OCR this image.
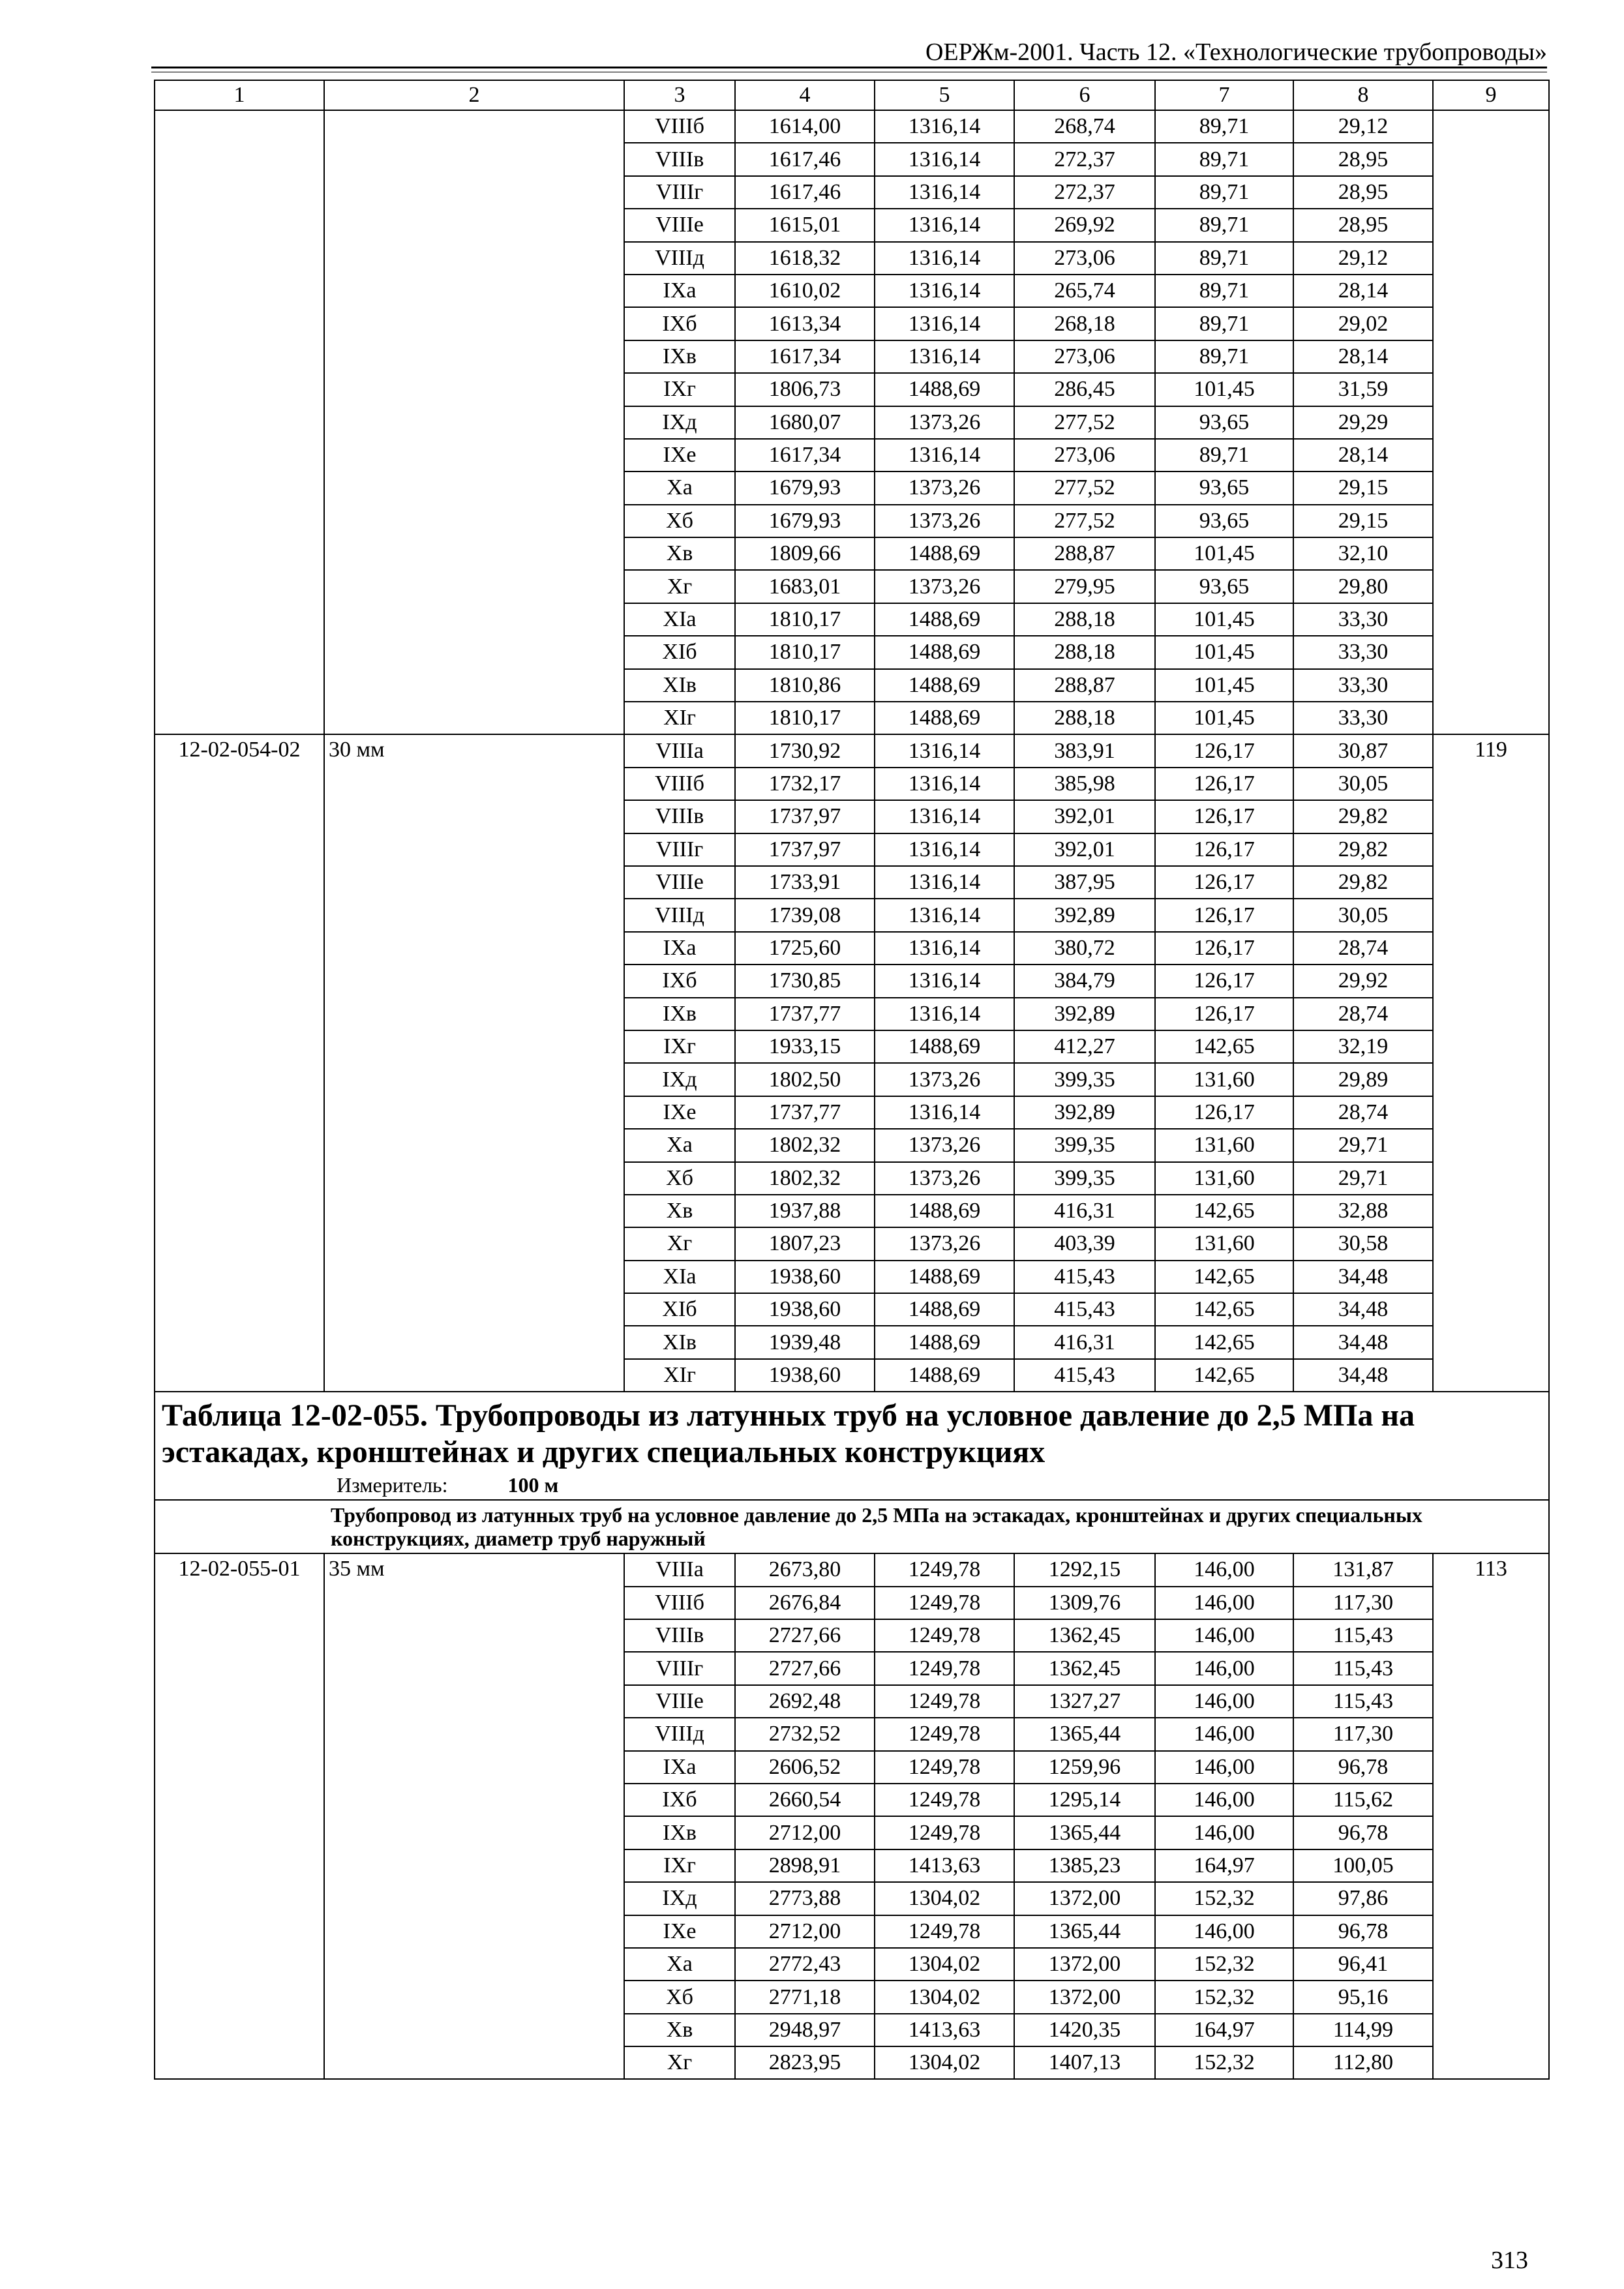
ОЕРЖм-2001. Часть 12. «Технологические трубопроводы»
1	2	3	4	5	6	7	8	9
		VIIIб	1614,00	1316,14	268,74	89,71	29,12	
		VIIIв	1617,46	1316,14	272,37	89,71	28,95	
		VIIIг	1617,46	1316,14	272,37	89,71	28,95	
		VIIIе	1615,01	1316,14	269,92	89,71	28,95	
		VIIIд	1618,32	1316,14	273,06	89,71	29,12	
		IXа	1610,02	1316,14	265,74	89,71	28,14	
		IXб	1613,34	1316,14	268,18	89,71	29,02	
		IXв	1617,34	1316,14	273,06	89,71	28,14	
		IXг	1806,73	1488,69	286,45	101,45	31,59	
		IXд	1680,07	1373,26	277,52	93,65	29,29	
		IXе	1617,34	1316,14	273,06	89,71	28,14	
		Xа	1679,93	1373,26	277,52	93,65	29,15	
		Xб	1679,93	1373,26	277,52	93,65	29,15	
		Xв	1809,66	1488,69	288,87	101,45	32,10	
		Xг	1683,01	1373,26	279,95	93,65	29,80	
		XIа	1810,17	1488,69	288,18	101,45	33,30	
		XIб	1810,17	1488,69	288,18	101,45	33,30	
		XIв	1810,86	1488,69	288,87	101,45	33,30	
		XIг	1810,17	1488,69	288,18	101,45	33,30	
12-02-054-02	30 мм	VIIIа	1730,92	1316,14	383,91	126,17	30,87	119
		VIIIб	1732,17	1316,14	385,98	126,17	30,05	
		VIIIв	1737,97	1316,14	392,01	126,17	29,82	
		VIIIг	1737,97	1316,14	392,01	126,17	29,82	
		VIIIе	1733,91	1316,14	387,95	126,17	29,82	
		VIIIд	1739,08	1316,14	392,89	126,17	30,05	
		IXа	1725,60	1316,14	380,72	126,17	28,74	
		IXб	1730,85	1316,14	384,79	126,17	29,92	
		IXв	1737,77	1316,14	392,89	126,17	28,74	
		IXг	1933,15	1488,69	412,27	142,65	32,19	
		IXд	1802,50	1373,26	399,35	131,60	29,89	
		IXе	1737,77	1316,14	392,89	126,17	28,74	
		Xа	1802,32	1373,26	399,35	131,60	29,71	
		Xб	1802,32	1373,26	399,35	131,60	29,71	
		Xв	1937,88	1488,69	416,31	142,65	32,88	
		Xг	1807,23	1373,26	403,39	131,60	30,58	
		XIа	1938,60	1488,69	415,43	142,65	34,48	
		XIб	1938,60	1488,69	415,43	142,65	34,48	
		XIв	1939,48	1488,69	416,31	142,65	34,48	
		XIг	1938,60	1488,69	415,43	142,65	34,48	

Таблица 12-02-055. Трубопроводы из латунных труб на условное давление до 2,5 МПа на эстакадах, кронштейнах и других специальных конструкциях
Измеритель: 100 м								

	Трубопровод из латунных труб на условное давление до 2,5 МПа на эстакадах, кронштейнах и других специальных конструкциях, диаметр труб наружный							
12-02-055-01	35 мм	VIIIа	2673,80	1249,78	1292,15	146,00	131,87	113
		VIIIб	2676,84	1249,78	1309,76	146,00	117,30	
		VIIIв	2727,66	1249,78	1362,45	146,00	115,43	
		VIIIг	2727,66	1249,78	1362,45	146,00	115,43	
		VIIIе	2692,48	1249,78	1327,27	146,00	115,43	
		VIIIд	2732,52	1249,78	1365,44	146,00	117,30	
		IXа	2606,52	1249,78	1259,96	146,00	96,78	
		IXб	2660,54	1249,78	1295,14	146,00	115,62	
		IXв	2712,00	1249,78	1365,44	146,00	96,78	
		IXг	2898,91	1413,63	1385,23	164,97	100,05	
		IXд	2773,88	1304,02	1372,00	152,32	97,86	
		IXе	2712,00	1249,78	1365,44	146,00	96,78	
		Xа	2772,43	1304,02	1372,00	152,32	96,41	
		Xб	2771,18	1304,02	1372,00	152,32	95,16	
		Xв	2948,97	1413,63	1420,35	164,97	114,99	
		Xг	2823,95	1304,02	1407,13	152,32	112,80	
313
